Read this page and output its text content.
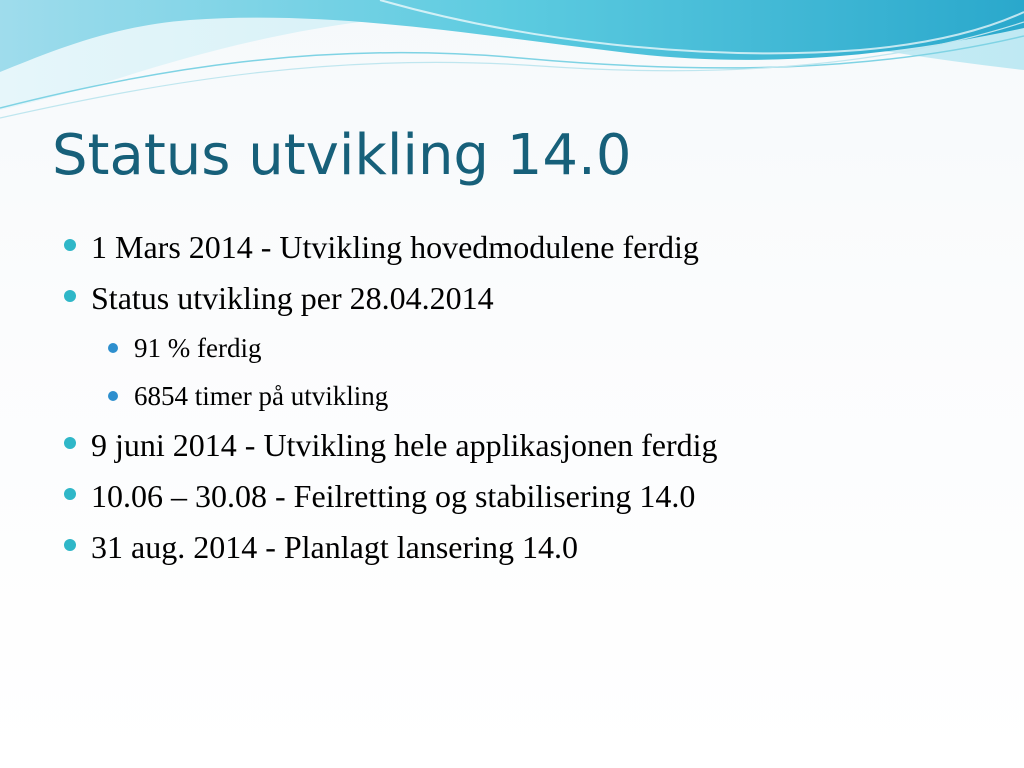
Status utvikling 14.0
1 Mars 2014 - Utvikling hovedmodulene ferdig
Status utvikling per 28.04.2014
91 % ferdig
6854 timer på utvikling
9 juni 2014 - Utvikling hele applikasjonen ferdig
10.06 – 30.08 - Feilretting og stabilisering 14.0
31 aug. 2014 - Planlagt lansering 14.0
